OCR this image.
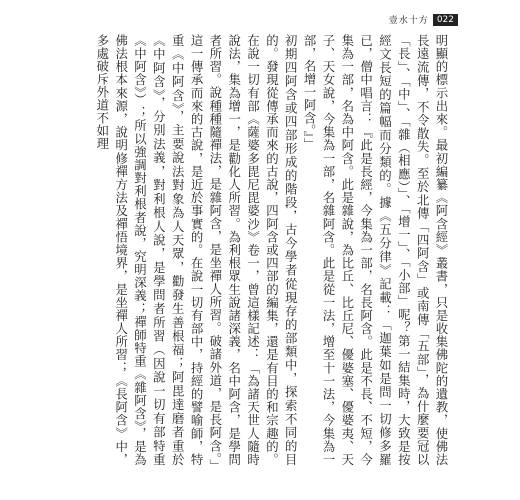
壹水十方 022

明顯的標示出來。最初編纂《阿含經》叢書，只是收集佛陀的遺教，使佛法長遠流傳，不令散失。至於北傳「四阿含」或南傳「五部」，為什麼要冠以「長」、「中」、「雜（相應）」、「增一」、「小部」呢？第一結集時，大致是按經文長短的篇幅而分類的。據《五分律》記載：「迦葉如是問一切修多羅已，僧中唱言：『此是長經，今集為一部，名長阿含。此是不長、不短，今集為一部，名為中阿含。此是雜說，為比丘、比丘尼、優婆塞、優婆夷、天子、天女說，今集為一部，名雜阿含。此是從一法，增至十一法，今集為一部，名增一阿含。』」

初期四阿含或四部形成的階段，古今學者從現存的部類中，探索不同的目的。發現從傳承而來的古說，四阿含或四部的編集，還是有目的和宗趣的。在說一切有部《薩婆多毘尼毘婆沙》卷一，曾這樣記述：「為諸天世人隨時說法，集為增一，是勸化人所習。為利根眾生說諸深義，名中阿含，是學問者所習。說種種隨禪法，是雜阿含，是坐禪人所習。破諸外道，是長阿含。」這一傳承而來的古說，是近於事實的。在說一切有部中，持經的譬喻師，特重《中阿含》，主要說法對象為人天眾，勸發生善根福；阿毘達磨者重於《中阿含》，分別法義，對利根人說，是學問者所習（因說一切有部特重《中阿含》）；所以強調對利根者說，究明深義；禪師特重《雜阿含》，是為佛法根本來源，說明修禪方法及禪悟境界，是坐禪人所習；《長阿含》中，多處破斥外道不如理
